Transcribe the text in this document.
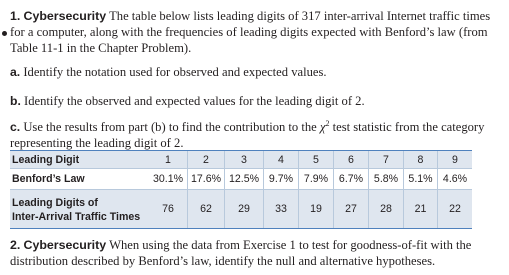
1. Cybersecurity The table below lists leading digits of 317 inter-arrival Internet traffic times
for a computer, along with the frequencies of leading digits expected with Benford’s law (from
Table 11-1 in the Chapter Problem).

a. Identify the notation used for observed and expected values.

b. Identify the observed and expected values for the leading digit of 2.

c. Use the results from part (b) to find the contribution to the $\chi^2$ test statistic from the category
representing the leading digit of 2.

Leading Digit	1	2	3	4	5	6	7	8	9
Benford’s Law	30.1%	17.6%	12.5%	9.7%	7.9%	6.7%	5.8%	5.1%	4.6%
Leading Digits of
Inter-Arrival Traffic Times	76	62	29	33	19	27	28	21	22

2. Cybersecurity When using the data from Exercise 1 to test for goodness-of-fit with the
distribution described by Benford’s law, identify the null and alternative hypotheses.
